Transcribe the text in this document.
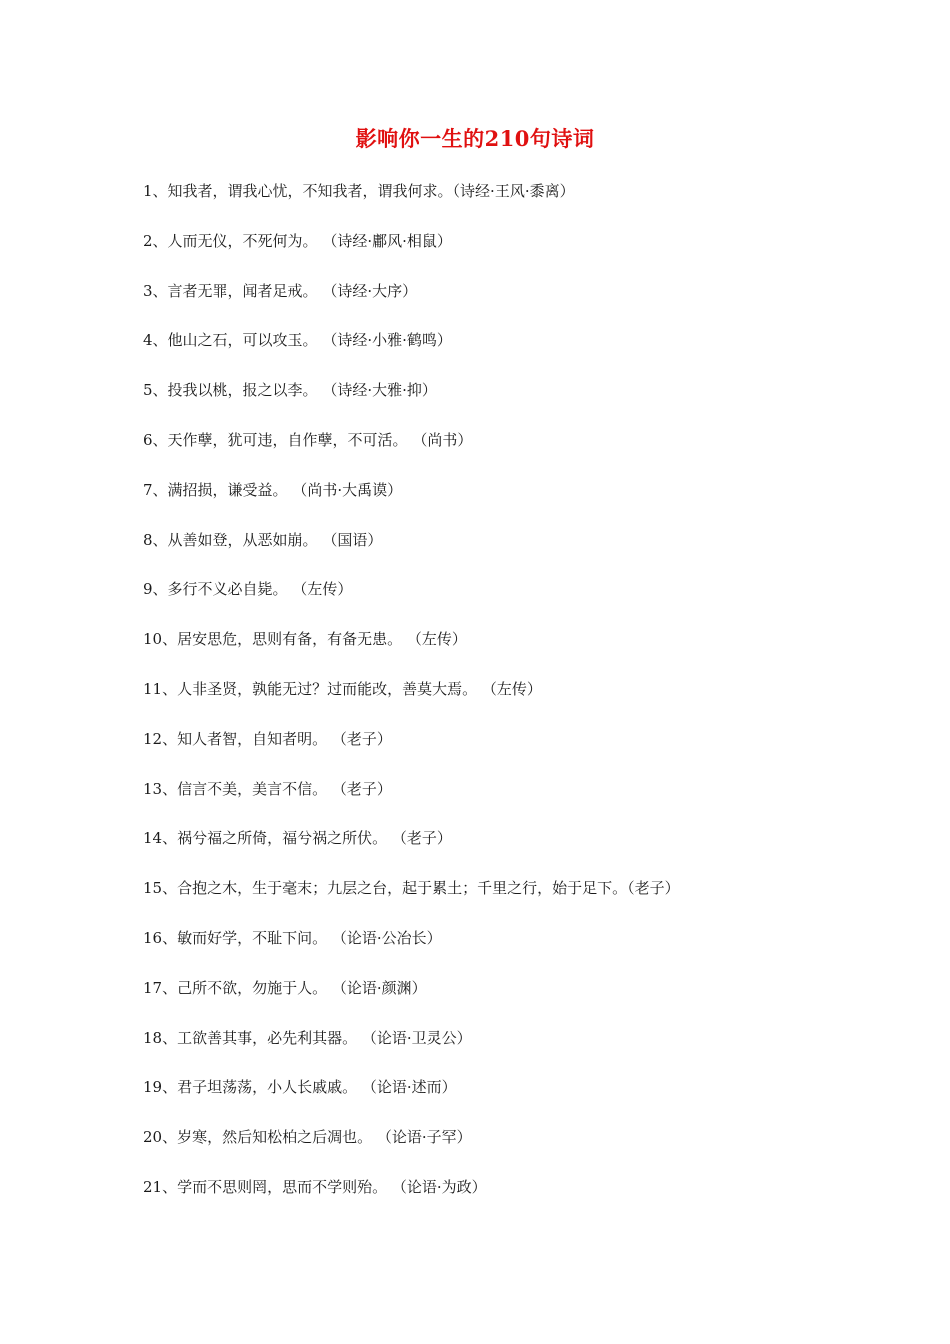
影响你一生的210句诗词
1、知我者，谓我心忧，不知我者，谓我何求。（诗经·王风·黍离）
2、人而无仪，不死何为。 （诗经·鄘风·相鼠）
3、言者无罪，闻者足戒。 （诗经·大序）
4、他山之石，可以攻玉。 （诗经·小雅·鹤鸣）
5、投我以桃，报之以李。 （诗经·大雅·抑）
6、天作孽，犹可违，自作孽，不可活。 （尚书）
7、满招损，谦受益。 （尚书·大禹谟）
8、从善如登，从恶如崩。 （国语）
9、多行不义必自毙。 （左传）
10、居安思危，思则有备，有备无患。 （左传）
11、人非圣贤，孰能无过？过而能改，善莫大焉。 （左传）
12、知人者智，自知者明。 （老子）
13、信言不美，美言不信。 （老子）
14、祸兮福之所倚，福兮祸之所伏。 （老子）
15、合抱之木，生于毫末；九层之台，起于累土；千里之行，始于足下。（老子）
16、敏而好学，不耻下问。 （论语·公冶长）
17、己所不欲，勿施于人。 （论语·颜渊）
18、工欲善其事，必先利其器。 （论语·卫灵公）
19、君子坦荡荡，小人长戚戚。 （论语·述而）
20、岁寒，然后知松柏之后凋也。 （论语·子罕）
21、学而不思则罔，思而不学则殆。 （论语·为政）
